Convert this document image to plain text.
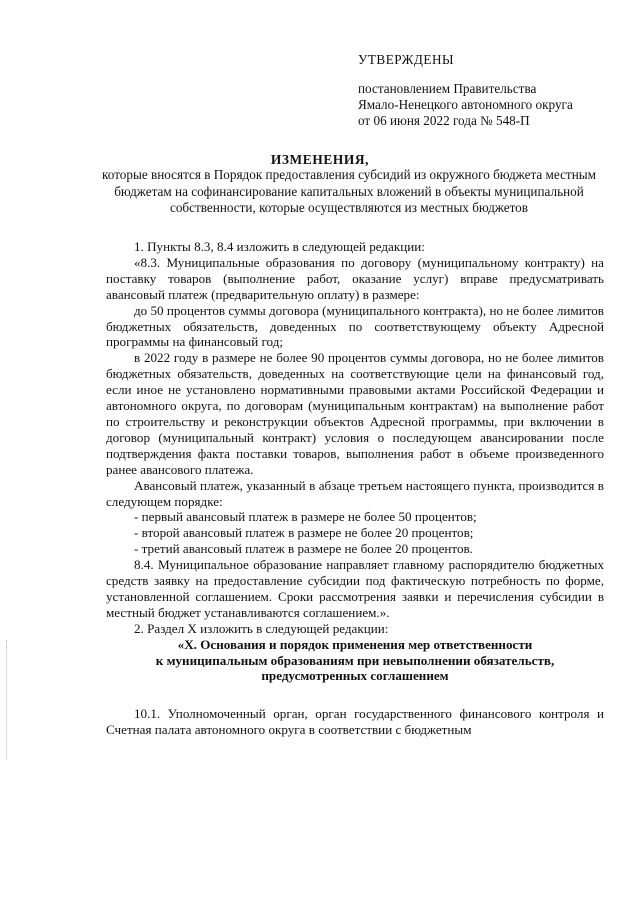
УТВЕРЖДЕНЫ
постановлением Правительства
Ямало-Ненецкого автономного округа
от 06 июня 2022 года № 548-П
ИЗМЕНЕНИЯ,
которые вносятся в Порядок предоставления субсидий из окружного бюджета местным бюджетам на софинансирование капитальных вложений в объекты муниципальной собственности, которые осуществляются из местных бюджетов

1. Пункты 8.3, 8.4 изложить в следующей редакции:

«8.3. Муниципальные образования по договору (муниципальному контракту) на поставку товаров (выполнение работ, оказание услуг) вправе предусматривать авансовый платеж (предварительную оплату) в размере:

до 50 процентов суммы договора (муниципального контракта), но не более лимитов бюджетных обязательств, доведенных по соответствующему объекту Адресной программы на финансовый год;

в 2022 году в размере не более 90 процентов суммы договора, но не более лимитов бюджетных обязательств, доведенных на соответствующие цели на финансовый год, если иное не установлено нормативными правовыми актами Российской Федерации и автономного округа, по договорам (муниципальным контрактам) на выполнение работ по строительству и реконструкции объектов Адресной программы, при включении в договор (муниципальный контракт) условия о последующем авансировании после подтверждения факта поставки товаров, выполнения работ в объеме произведенного ранее авансового платежа.

Авансовый платеж, указанный в абзаце третьем настоящего пункта, производится в следующем порядке:

- первый авансовый платеж в размере не более 50 процентов;

- второй авансовый платеж в размере не более 20 процентов;

- третий авансовый платеж в размере не более 20 процентов.

8.4. Муниципальное образование направляет главному распорядителю бюджетных средств заявку на предоставление субсидии под фактическую потребность по форме, установленной соглашением. Сроки рассмотрения заявки и перечисления субсидии в местный бюджет устанавливаются соглашением.».

2. Раздел X изложить в следующей редакции:

«X. Основания и порядок применения мер ответственности

к муниципальным образованиям при невыполнении обязательств,

предусмотренных соглашением

10.1. Уполномоченный орган, орган государственного финансового контроля и Счетная палата автономного округа в соответствии с бюджетным
